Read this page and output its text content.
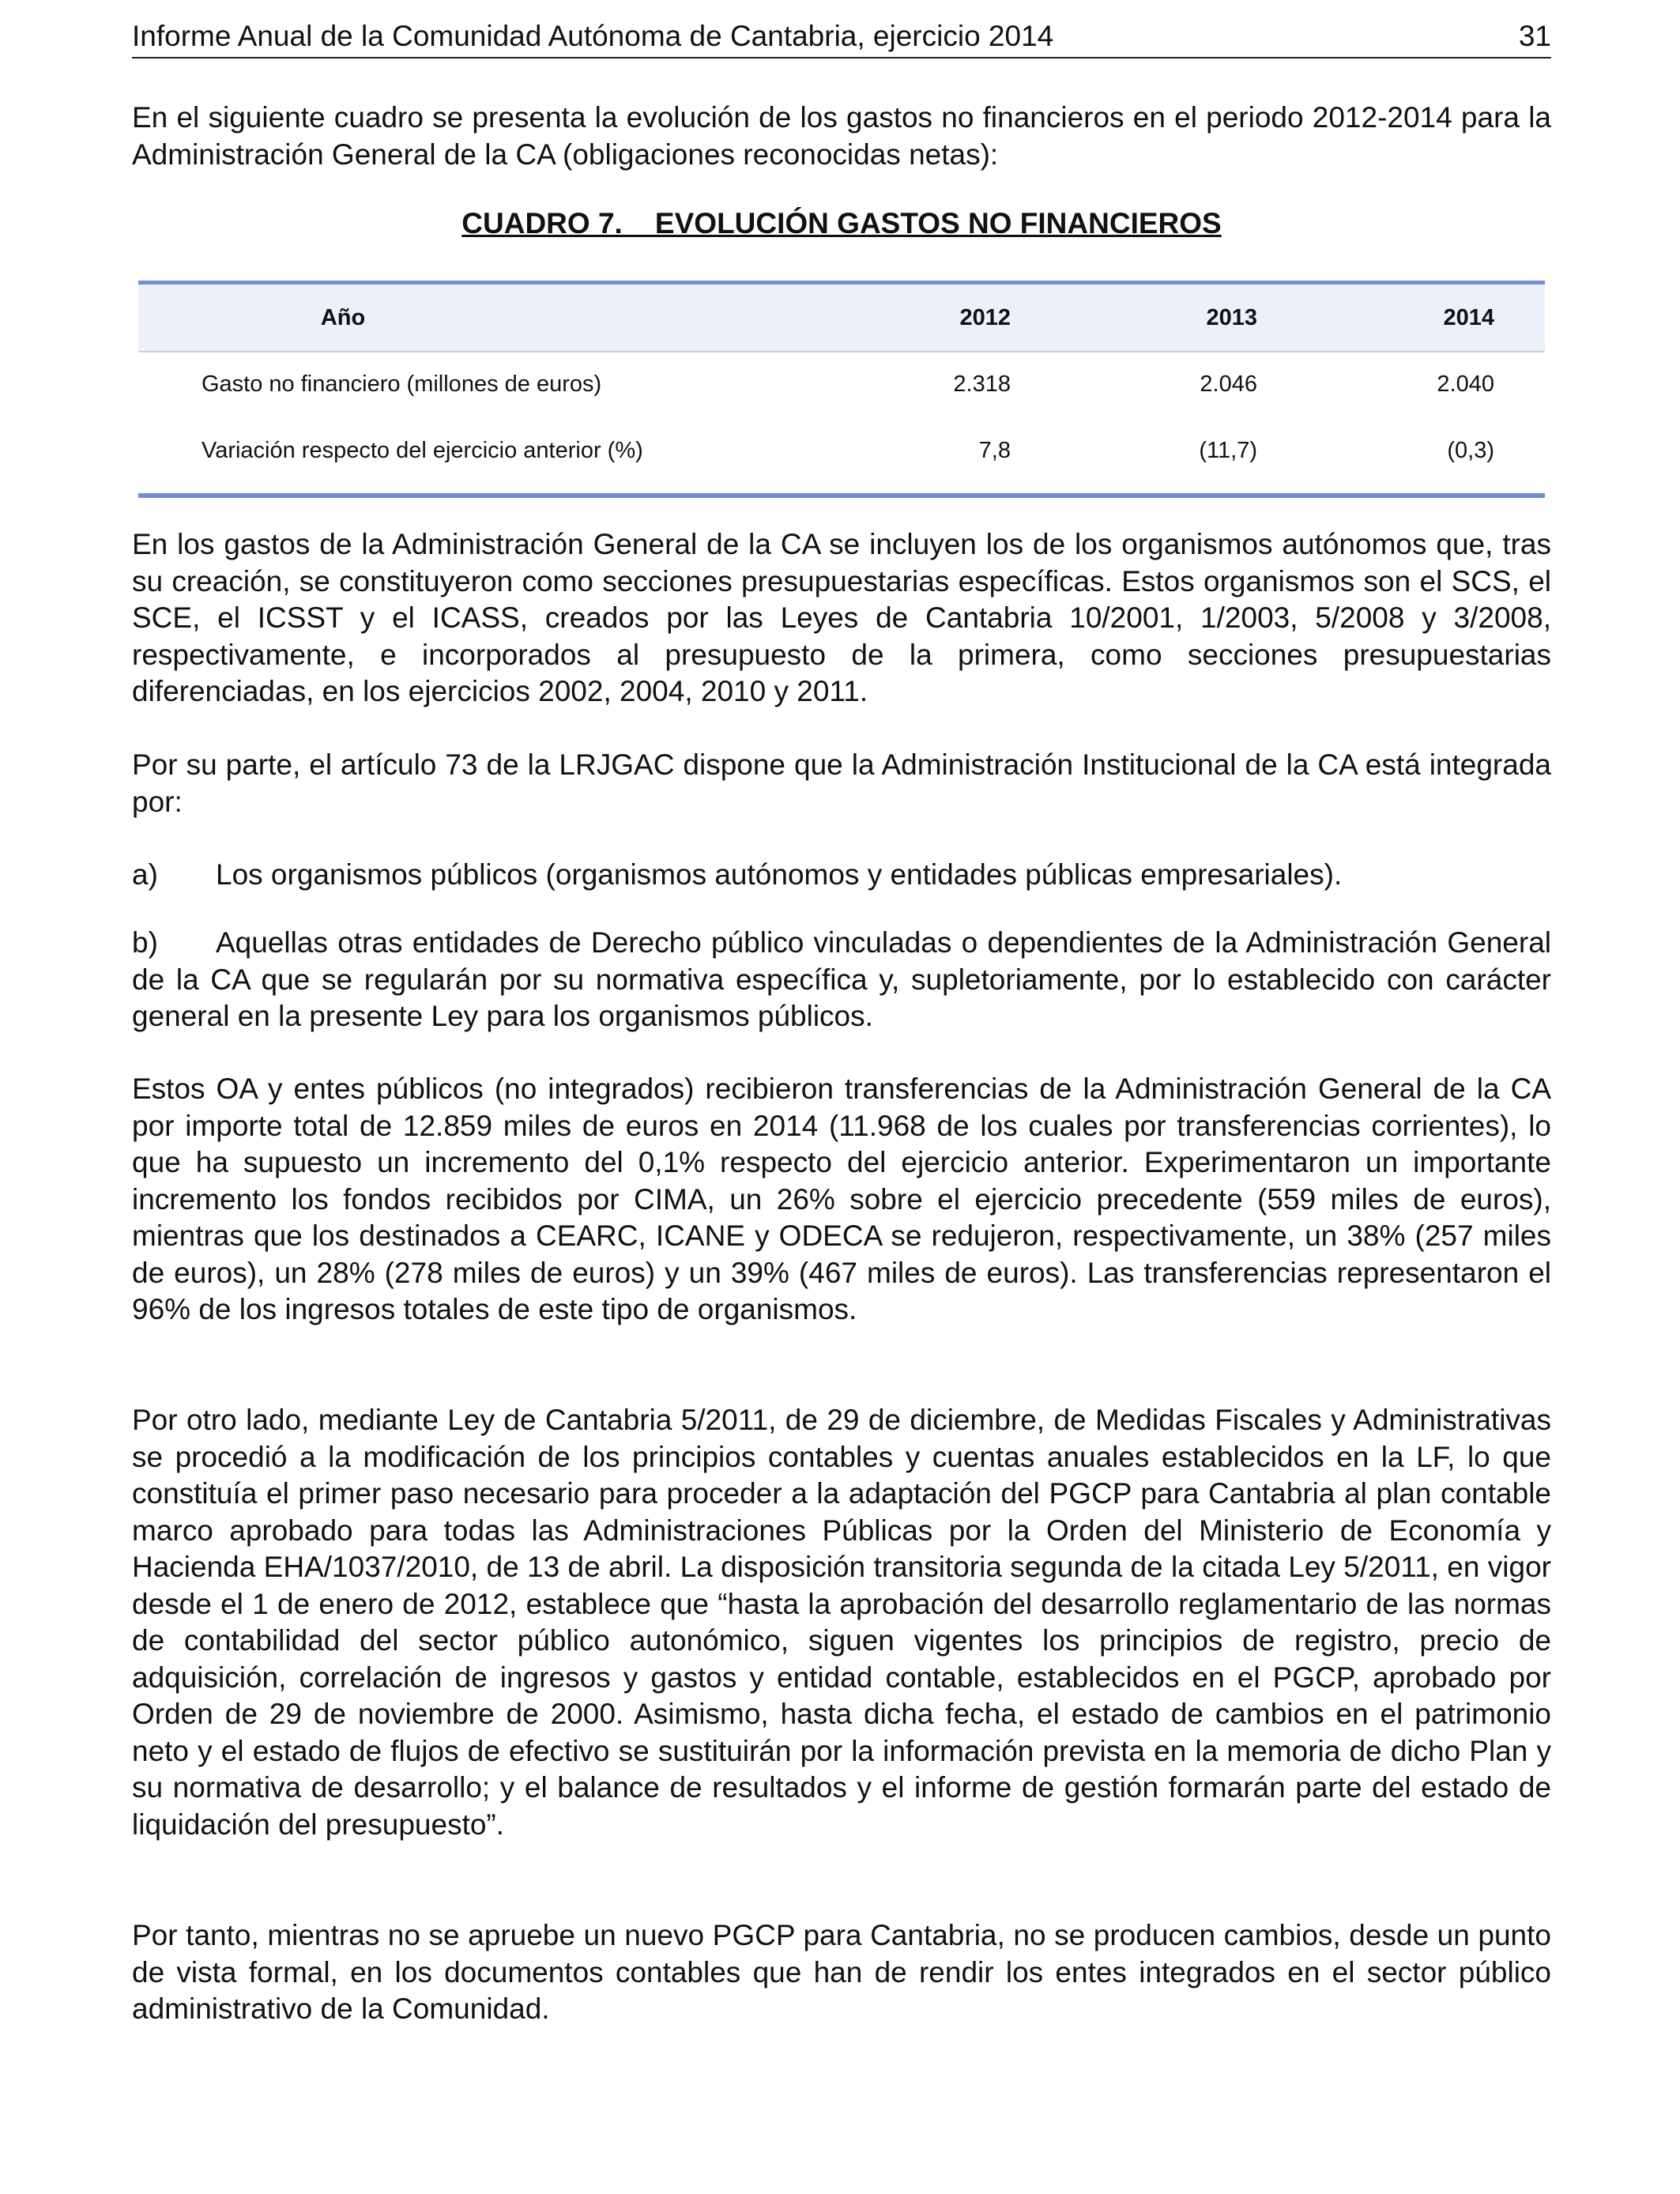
Informe Anual de la Comunidad Autónoma de Cantabria, ejercicio 2014	31

En el siguiente cuadro se presenta la evolución de los gastos no financieros en el periodo 2012-2014 para la Administración General de la CA (obligaciones reconocidas netas):

CUADRO 7.    EVOLUCIÓN GASTOS NO FINANCIEROS
Año	2012	2013	2014
Gasto no financiero (millones de euros)	2.318	2.046	2.040
Variación respecto del ejercicio anterior (%)	7,8	(11,7)	(0,3)

En los gastos de la Administración General de la CA se incluyen los de los organismos autónomos que, tras su creación, se constituyeron como secciones presupuestarias específicas. Estos organismos son el SCS, el SCE, el ICSST y el ICASS, creados por las Leyes de Cantabria 10/2001, 1/2003, 5/2008 y 3/2008, respectivamente, e incorporados al presupuesto de la primera, como secciones presupuestarias diferenciadas, en los ejercicios 2002, 2004, 2010 y 2011.

Por su parte, el artículo 73 de la LRJGAC dispone que la Administración Institucional de la CA está integrada por:

a) Los organismos públicos (organismos autónomos y entidades públicas empresariales).

b) Aquellas otras entidades de Derecho público vinculadas o dependientes de la Administración General de la CA que se regularán por su normativa específica y, supletoriamente, por lo establecido con carácter general en la presente Ley para los organismos públicos.

Estos OA y entes públicos (no integrados) recibieron transferencias de la Administración General de la CA por importe total de 12.859 miles de euros en 2014 (11.968 de los cuales por transferencias corrientes), lo que ha supuesto un incremento del 0,1% respecto del ejercicio anterior. Experimentaron un importante incremento los fondos recibidos por CIMA, un 26% sobre el ejercicio precedente (559 miles de euros), mientras que los destinados a CEARC, ICANE y ODECA se redujeron, respectivamente, un 38% (257 miles de euros), un 28% (278 miles de euros) y un 39% (467 miles de euros). Las transferencias representaron el 96% de los ingresos totales de este tipo de organismos.

Por otro lado, mediante Ley de Cantabria 5/2011, de 29 de diciembre, de Medidas Fiscales y Administrativas se procedió a la modificación de los principios contables y cuentas anuales establecidos en la LF, lo que constituía el primer paso necesario para proceder a la adaptación del PGCP para Cantabria al plan contable marco aprobado para todas las Administraciones Públicas por la Orden del Ministerio de Economía y Hacienda EHA/1037/2010, de 13 de abril. La disposición transitoria segunda de la citada Ley 5/2011, en vigor desde el 1 de enero de 2012, establece que “hasta la aprobación del desarrollo reglamentario de las normas de contabilidad del sector público autonómico, siguen vigentes los principios de registro, precio de adquisición, correlación de ingresos y gastos y entidad contable, establecidos en el PGCP, aprobado por Orden de 29 de noviembre de 2000. Asimismo, hasta dicha fecha, el estado de cambios en el patrimonio neto y el estado de flujos de efectivo se sustituirán por la información prevista en la memoria de dicho Plan y su normativa de desarrollo; y el balance de resultados y el informe de gestión formarán parte del estado de liquidación del presupuesto”.

Por tanto, mientras no se apruebe un nuevo PGCP para Cantabria, no se producen cambios, desde un punto de vista formal, en los documentos contables que han de rendir los entes integrados en el sector público administrativo de la Comunidad.
